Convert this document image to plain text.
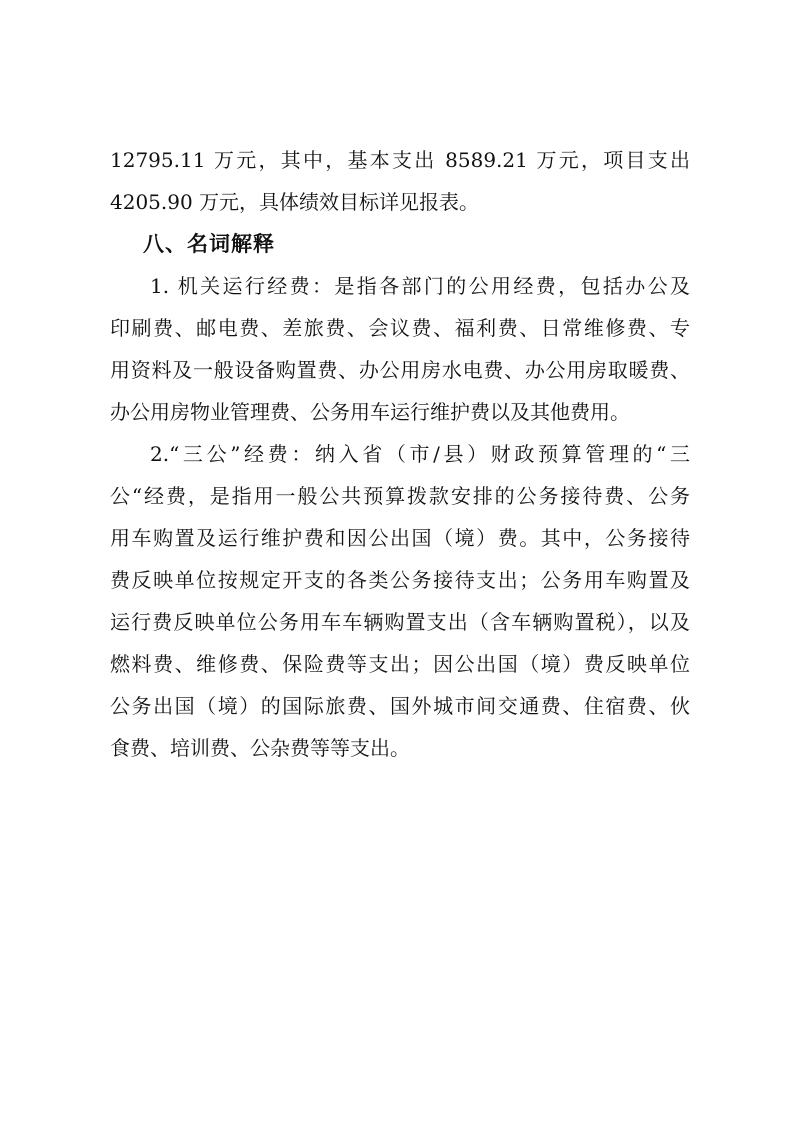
12795.11 万元，其中，基本支出 8589.21 万元，项目支出
4205.90 万元，具体绩效目标详见报表。
八、名词解释
1. 机关运行经费：是指各部门的公用经费，包括办公及
印刷费、邮电费、差旅费、会议费、福利费、日常维修费、专
用资料及一般设备购置费、办公用房水电费、办公用房取暖费、
办公用房物业管理费、公务用车运行维护费以及其他费用。
2.“三公”经费：纳入省（市/县）财政预算管理的“三
公“经费，是指用一般公共预算拨款安排的公务接待费、公务
用车购置及运行维护费和因公出国（境）费。其中，公务接待
费反映单位按规定开支的各类公务接待支出；公务用车购置及
运行费反映单位公务用车车辆购置支出（含车辆购置税），以及
燃料费、维修费、保险费等支出；因公出国（境）费反映单位
公务出国（境）的国际旅费、国外城市间交通费、住宿费、伙
食费、培训费、公杂费等等支出。
